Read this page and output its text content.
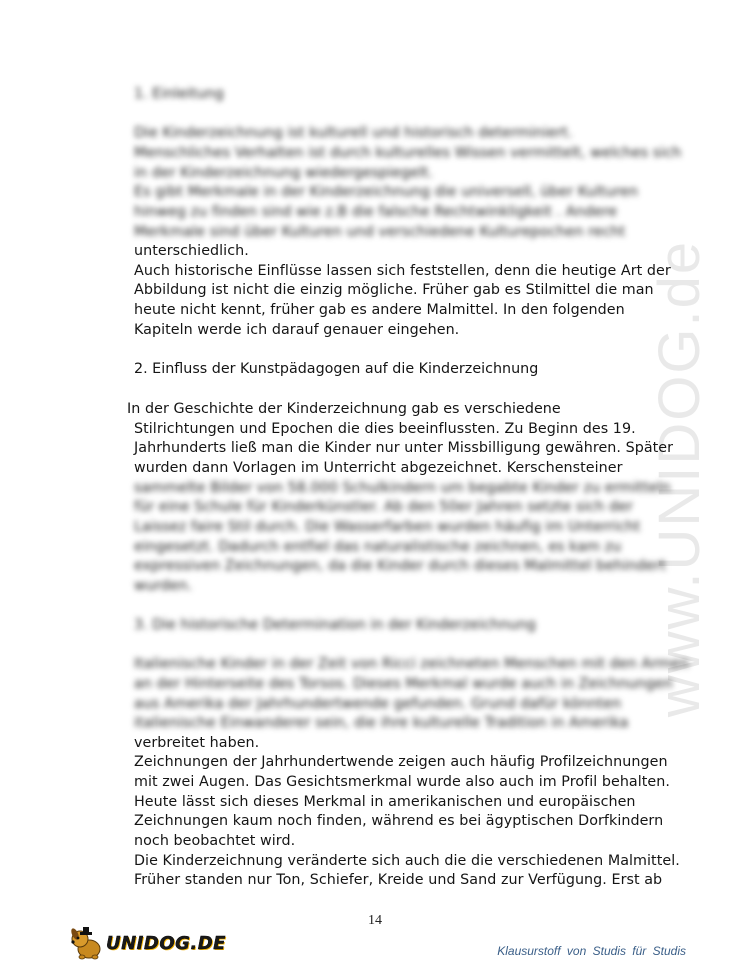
www.UNIDOG.de
1. Einleitung
Die Kinderzeichnung ist kulturell und historisch determiniert.
Menschliches Verhalten ist durch kulturelles Wissen vermittelt, welches sich
in der Kinderzeichnung wiedergespiegelt.
Es gibt Merkmale in der Kinderzeichnung die universell, über Kulturen
hinweg zu finden sind wie z.B die falsche Rechtwinkligkeit . Andere
Merkmale sind über Kulturen und verschiedene Kulturepochen recht
unterschiedlich.
Auch historische Einflüsse lassen sich feststellen, denn die heutige Art der
Abbildung ist nicht die einzig mögliche. Früher gab es Stilmittel die man
heute nicht kennt, früher gab es andere Malmittel. In den folgenden
Kapiteln werde ich darauf genauer eingehen.
2. Einfluss der Kunstpädagogen auf die Kinderzeichnung
In der Geschichte der Kinderzeichnung gab es verschiedene
Stilrichtungen und Epochen die dies beeinflussten. Zu Beginn des 19.
Jahrhunderts ließ man die Kinder nur unter Missbilligung gewähren. Später
wurden dann Vorlagen im Unterricht abgezeichnet. Kerschensteiner
sammelte Bilder von 58.000 Schulkindern um begabte Kinder zu ermitteln
für eine Schule für Kinderkünstler. Ab den 50er Jahren setzte sich der
Laissez faire Stil durch. Die Wasserfarben wurden häufig im Unterricht
eingesetzt. Dadurch entfiel das naturalistische zeichnen, es kam zu
expressiven Zeichnungen, da die Kinder durch dieses Malmittel behindert
wurden.
3. Die historische Determination in der Kinderzeichnung
Italienische Kinder in der Zeit von Ricci zeichneten Menschen mit den Armen
an der Hinterseite des Torsos. Dieses Merkmal wurde auch in Zeichnungen
aus Amerika der Jahrhundertwende gefunden. Grund dafür könnten
italienische Einwanderer sein, die ihre kulturelle Tradition in Amerika
verbreitet haben.
Zeichnungen der Jahrhundertwende zeigen auch häufig Profilzeichnungen
mit zwei Augen. Das Gesichtsmerkmal wurde also auch im Profil behalten.
Heute lässt sich dieses Merkmal in amerikanischen und europäischen
Zeichnungen kaum noch finden, während es bei ägyptischen Dorfkindern
noch beobachtet wird.
Die Kinderzeichnung veränderte sich auch die die verschiedenen Malmittel.
Früher standen nur Ton, Schiefer, Kreide und Sand zur Verfügung. Erst ab
14
UNIDOG.DE	Klausurstoff von Studis für Studis
